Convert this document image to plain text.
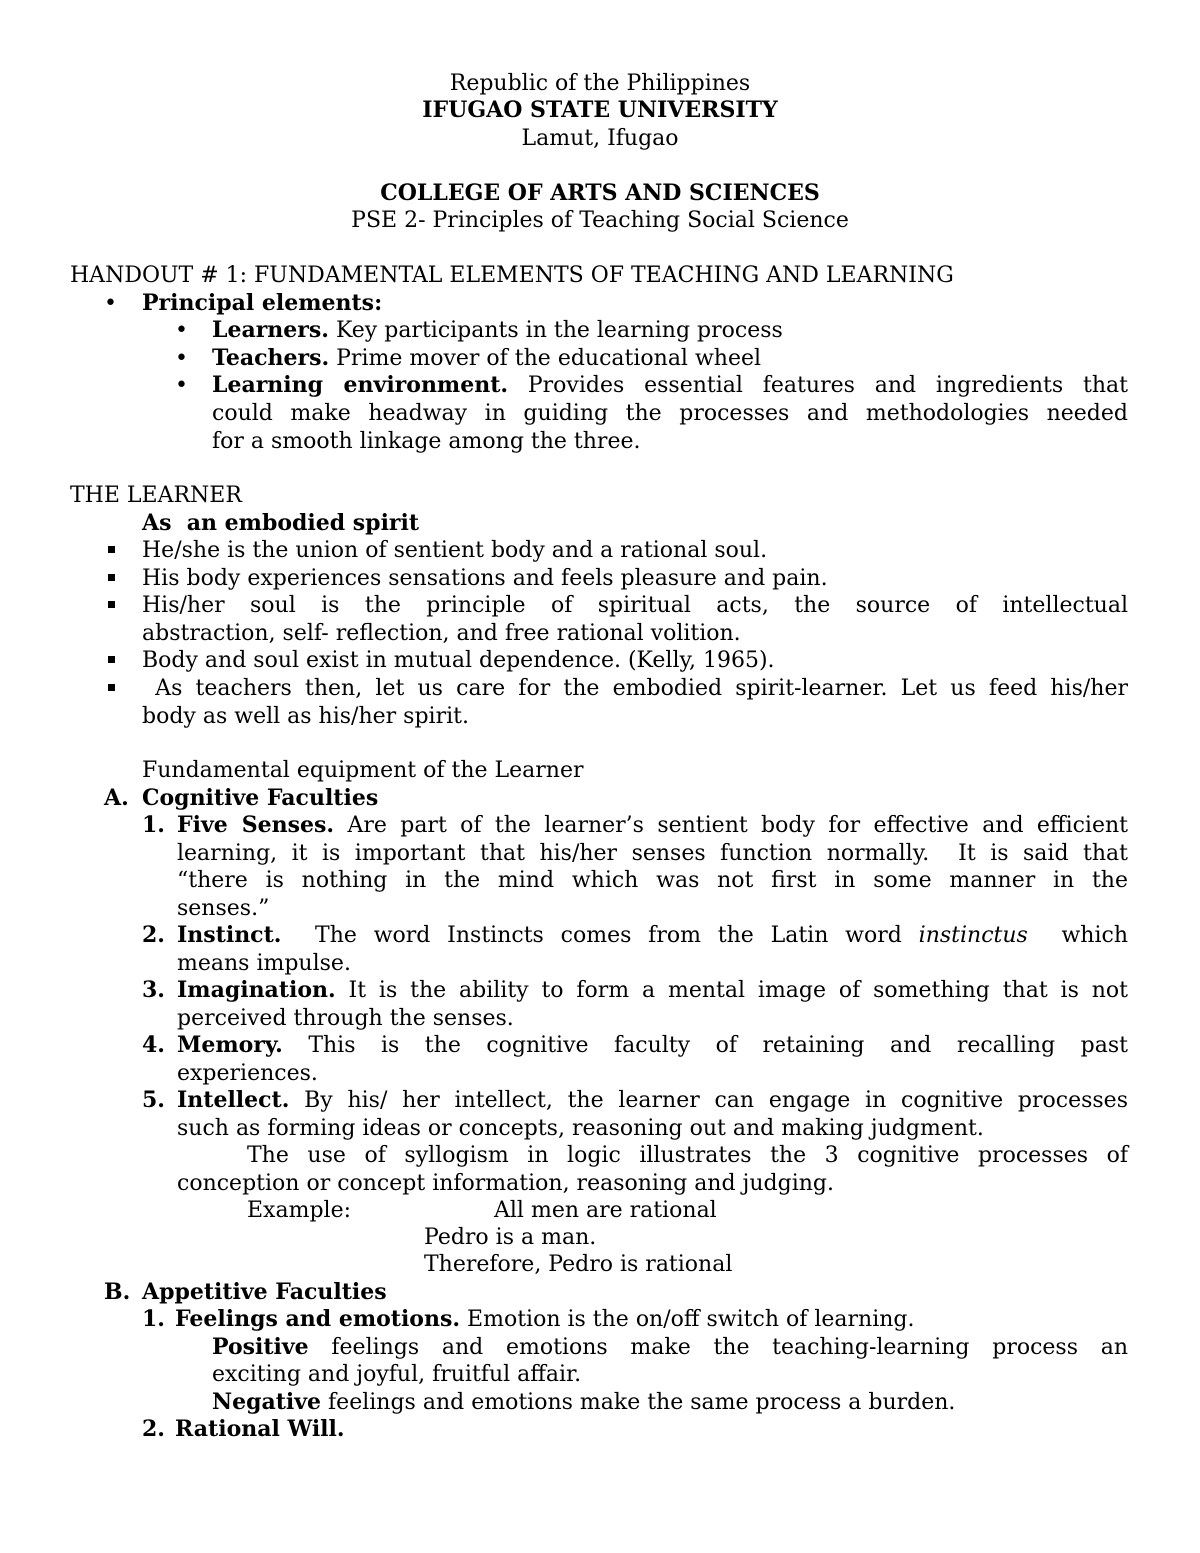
Republic of the Philippines
IFUGAO STATE UNIVERSITY
Lamut, Ifugao
COLLEGE OF ARTS AND SCIENCES
PSE 2- Principles of Teaching Social Science
HANDOUT # 1: FUNDAMENTAL ELEMENTS OF TEACHING AND LEARNING
• Principal elements:
• Learners. Key participants in the learning process
• Teachers. Prime mover of the educational wheel
• Learning environment. Provides essential features and ingredients that
could make headway in guiding the processes and methodologies needed
for a smooth linkage among the three.
THE LEARNER
As  an embodied spirit
He/she is the union of sentient body and a rational soul.
His body experiences sensations and feels pleasure and pain.
His/her soul is the principle of spiritual acts, the source of intellectual
abstraction, self- reflection, and free rational volition.
Body and soul exist in mutual dependence. (Kelly, 1965).
As teachers then, let us care for the embodied spirit-learner. Let us feed his/her
body as well as his/her spirit.
Fundamental equipment of the Learner
A. Cognitive Faculties
1. Five Senses. Are part of the learner’s sentient body for effective and efficient
learning, it is important that his/her senses function normally.  It is said that
“there is nothing in the mind which was not first in some manner in the
senses.”
2. Instinct.  The word Instincts comes from the Latin word instinctus  which
means impulse.
3. Imagination. It is the ability to form a mental image of something that is not
perceived through the senses.
4. Memory. This is the cognitive faculty of retaining and recalling past
experiences.
5. Intellect. By his/ her intellect, the learner can engage in cognitive processes
such as forming ideas or concepts, reasoning out and making judgment.
The use of syllogism in logic illustrates the 3 cognitive processes of
conception or concept information, reasoning and judging.
Example:	All men are rational
Pedro is a man.
Therefore, Pedro is rational
B. Appetitive Faculties
1. Feelings and emotions. Emotion is the on/off switch of learning.
Positive feelings and emotions make the teaching-learning process an
exciting and joyful, fruitful affair.
Negative feelings and emotions make the same process a burden.
2. Rational Will.
